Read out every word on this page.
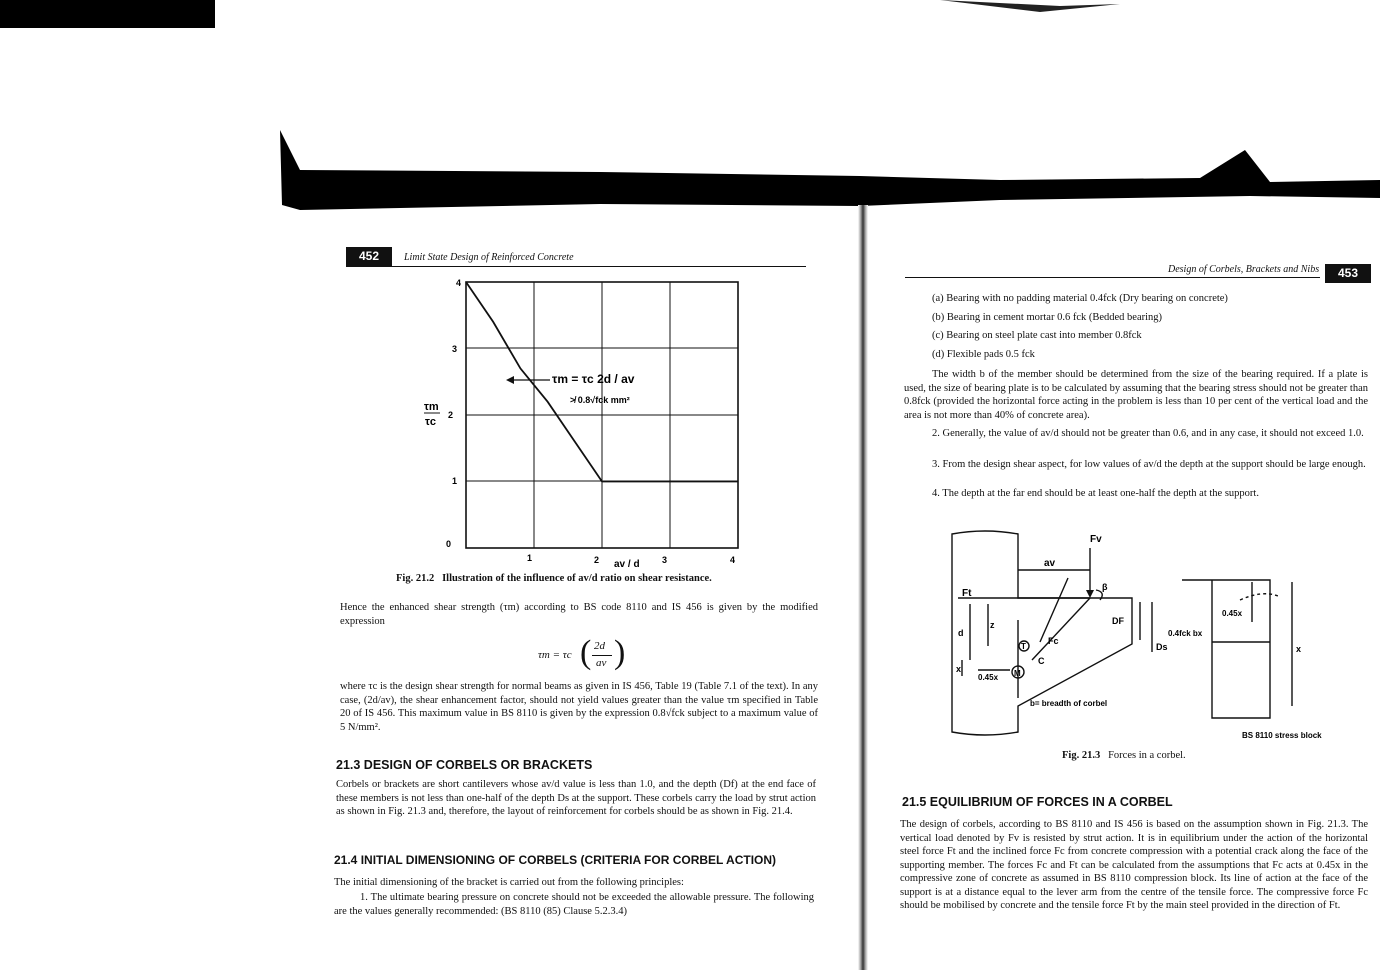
452	Limit State Design of Reinforced Concrete
τm = τc 2d / av
≯ 0.8√fck mm²
4
3
2
1
0
τm
τc
1	2	3	4
av / d
Fig. 21.2 Illustration of the influence of av/d ratio on shear resistance.
Hence the enhanced shear strength (τm) according to BS code 8110 and IS 456 is given by the modified expression
τm = τc ( 2d
av )
where τc is the design shear strength for normal beams as given in IS 456, Table 19 (Table 7.1 of the text). In any case, (2d/av), the shear enhancement factor, should not yield values greater than the value τm specified in Table 20 of IS 456. This maximum value in BS 8110 is given by the expression 0.8√fck subject to a maximum value of 5 N/mm².
21.3 DESIGN OF CORBELS OR BRACKETS
Corbels or brackets are short cantilevers whose av/d value is less than 1.0, and the depth (Df) at the end face of these members is not less than one-half of the depth Ds at the support. These corbels carry the load by strut action as shown in Fig. 21.3 and, therefore, the layout of reinforcement for corbels should be as shown in Fig. 21.4.
21.4 INITIAL DIMENSIONING OF CORBELS (CRITERIA FOR CORBEL ACTION)
The initial dimensioning of the bracket is carried out from the following principles:
1. The ultimate bearing pressure on concrete should not be exceeded the allowable pressure. The following are the values generally recommended: (BS 8110 (85) Clause 5.2.3.4)
Design of Corbels, Brackets and Nibs	453
(a) Bearing with no padding material 0.4fck (Dry bearing on concrete)
(b) Bearing in cement mortar 0.6 fck (Bedded bearing)
(c) Bearing on steel plate cast into member 0.8fck
(d) Flexible pads 0.5 fck
The width b of the member should be determined from the size of the bearing required. If a plate is used, the size of bearing plate is to be calculated by assuming that the bearing stress should not be greater than 0.8fck (provided the horizontal force acting in the problem is less than 10 per cent of the vertical load and the area is not more than 40% of concrete area).
2. Generally, the value of av/d should not be greater than 0.6, and in any case, it should not exceed 1.0.
3. From the design shear aspect, for low values of av/d the depth at the support should be large enough.
4. The depth at the far end should be at least one-half the depth at the support.
Fv
av
Ft
β
DF
Ds
d
z
x
Fc
C
T
M
0.45x
b= breadth of corbel
0.4fck bx
0.45x
x
BS 8110 stress block
Fig. 21.3 Forces in a corbel.
21.5 EQUILIBRIUM OF FORCES IN A CORBEL
The design of corbels, according to BS 8110 and IS 456 is based on the assumption shown in Fig. 21.3. The vertical load denoted by Fv is resisted by strut action. It is in equilibrium under the action of the horizontal steel force Ft and the inclined force Fc from concrete compression with a potential crack along the face of the supporting member. The forces Fc and Ft can be calculated from the assumptions that Fc acts at 0.45x in the compressive zone of concrete as assumed in BS 8110 compression block. Its line of action at the face of the support is at a distance equal to the lever arm from the centre of the tensile force. The compressive force Fc should be mobilised by concrete and the tensile force Ft by the main steel provided in the direction of Ft.
